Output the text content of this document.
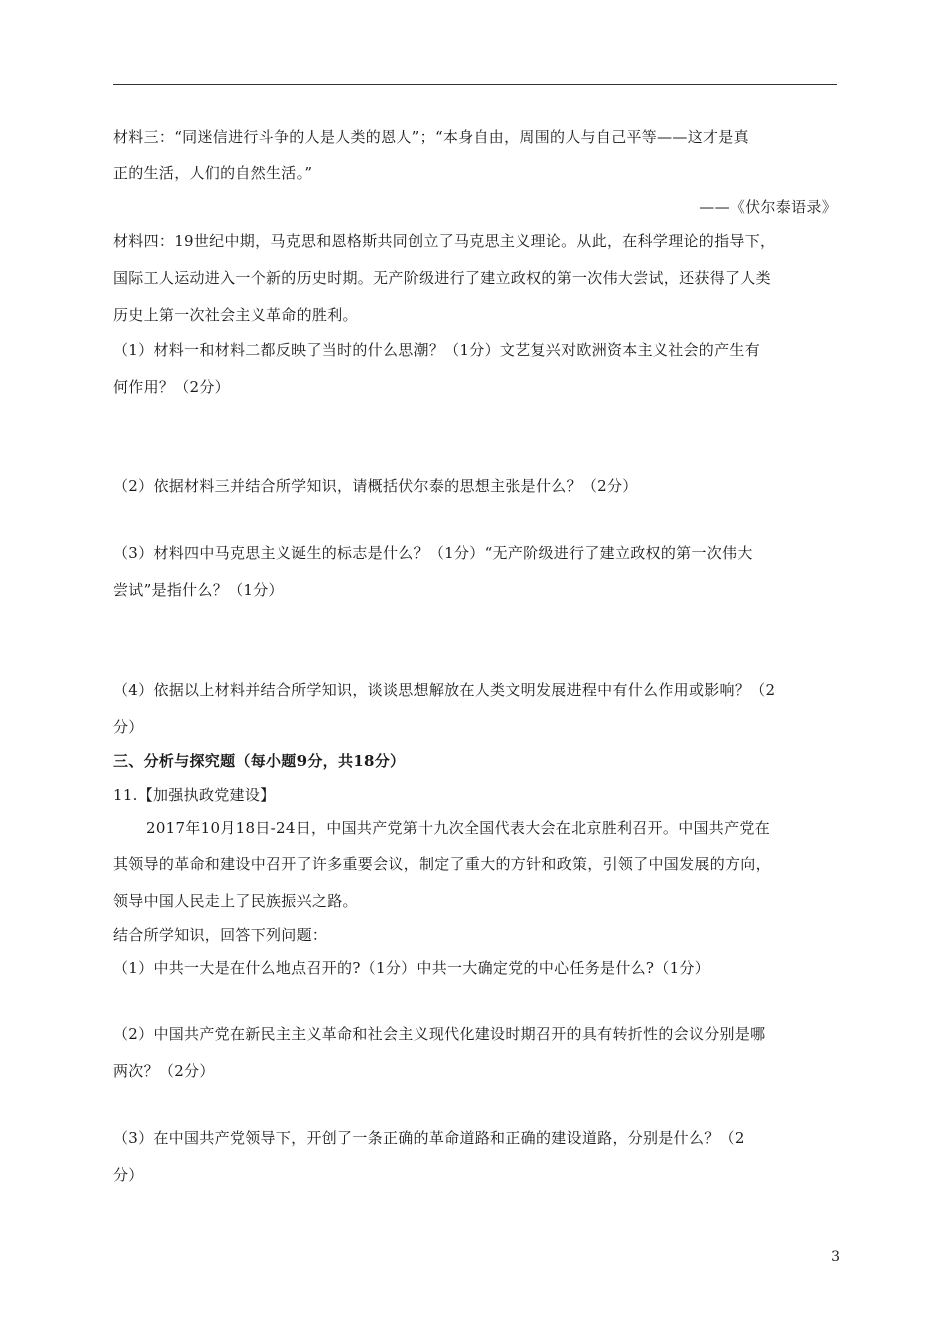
材料三：“同迷信进行斗争的人是人类的恩人”；“本身自由，周围的人与自己平等——这才是真
正的生活，人们的自然生活。”
——《伏尔泰语录》
材料四：19世纪中期，马克思和恩格斯共同创立了马克思主义理论。从此，在科学理论的指导下，
国际工人运动进入一个新的历史时期。无产阶级进行了建立政权的第一次伟大尝试，还获得了人类
历史上第一次社会主义革命的胜利。
（1）材料一和材料二都反映了当时的什么思潮？（1分）文艺复兴对欧洲资本主义社会的产生有
何作用？（2分）
（2）依据材料三并结合所学知识，请概括伏尔泰的思想主张是什么？（2分）
（3）材料四中马克思主义诞生的标志是什么？（1分）“无产阶级进行了建立政权的第一次伟大
尝试”是指什么？（1分）
（4）依据以上材料并结合所学知识，谈谈思想解放在人类文明发展进程中有什么作用或影响？（2
分）
三、分析与探究题（每小题9分，共18分）
11.【加强执政党建设】
2017年10月18日-24日，中国共产党第十九次全国代表大会在北京胜利召开。中国共产党在
其领导的革命和建设中召开了许多重要会议，制定了重大的方针和政策，引领了中国发展的方向，
领导中国人民走上了民族振兴之路。
结合所学知识，回答下列问题：
（1）中共一大是在什么地点召开的?（1分）中共一大确定党的中心任务是什么?（1分）
（2）中国共产党在新民主主义革命和社会主义现代化建设时期召开的具有转折性的会议分别是哪
两次？（2分）
（3）在中国共产党领导下，开创了一条正确的革命道路和正确的建设道路，分别是什么？（2
分）
3
